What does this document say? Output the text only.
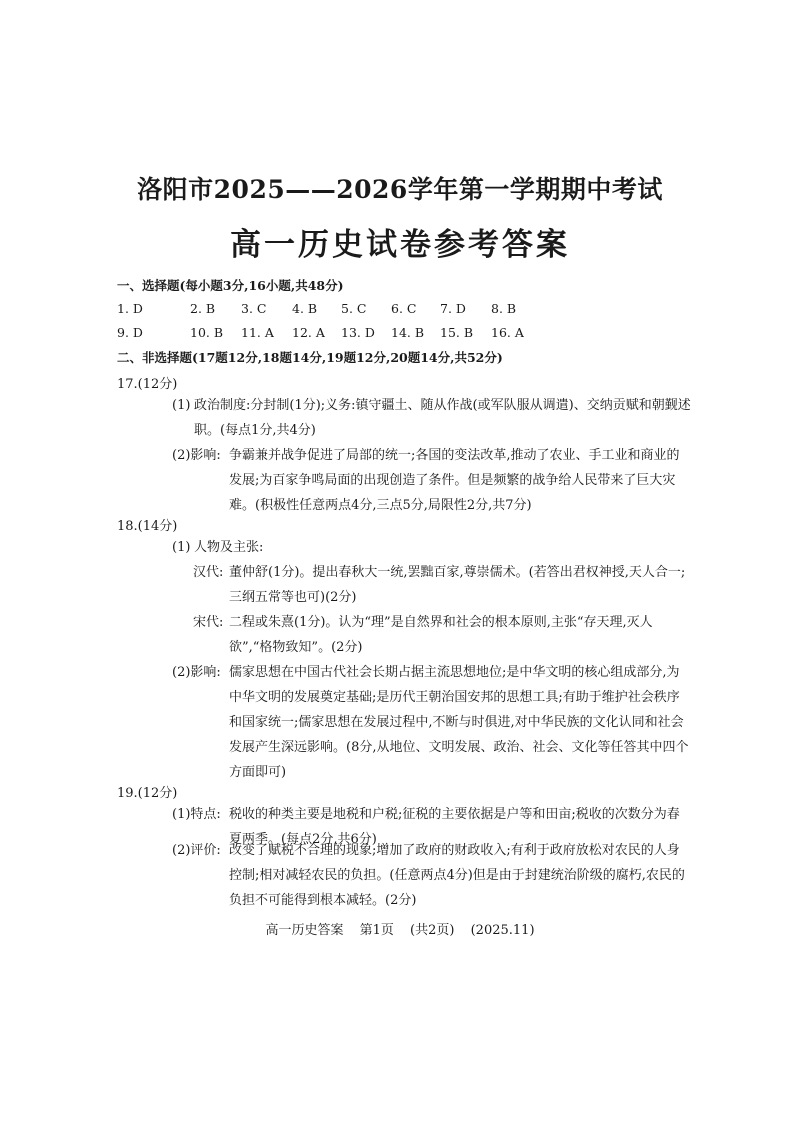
洛阳市2025——2026学年第一学期期中考试
高一历史试卷参考答案
一、选择题(每小题3分,16小题,共48分)
1. D	2. B 3. C 4. B 5. C 6. C 7. D 8. B
9. D	10. B 11. A 12. A 13. D 14. B 15. B 16. A
二、非选择题(17题12分,18题14分,19题12分,20题14分,共52分)
17.(12分)
(1) 政治制度:分封制(1分);义务:镇守疆土、随从作战(或军队服从调遣)、交纳贡赋和朝觐述职。(每点1分,共4分)
(2)影响: 争霸兼并战争促进了局部的统一;各国的变法改革,推动了农业、手工业和商业的发展;为百家争鸣局面的出现创造了条件。但是频繁的战争给人民带来了巨大灾难。(积极性任意两点4分,三点5分,局限性2分,共7分)
18.(14分)
(1) 人物及主张:
汉代: 董仲舒(1分)。提出春秋大一统,罢黜百家,尊崇儒术。(若答出君权神授,天人合一;三纲五常等也可)(2分)
宋代: 二程或朱熹(1分)。认为“理”是自然界和社会的根本原则,主张“存天理,灭人欲”,“格物致知”。(2分)
(2)影响: 儒家思想在中国古代社会长期占据主流思想地位;是中华文明的核心组成部分,为中华文明的发展奠定基础;是历代王朝治国安邦的思想工具;有助于维护社会秩序和国家统一;儒家思想在发展过程中,不断与时俱进,对中华民族的文化认同和社会发展产生深远影响。(8分,从地位、文明发展、政治、社会、文化等任答其中四个方面即可)
19.(12分)
(1)特点: 税收的种类主要是地税和户税;征税的主要依据是户等和田亩;税收的次数分为春夏两季。(每点2分,共6分)
(2)评价: 改变了赋税不合理的现象;增加了政府的财政收入;有利于政府放松对农民的人身控制;相对减轻农民的负担。(任意两点4分)但是由于封建统治阶级的腐朽,农民的负担不可能得到根本减轻。(2分)
高一历史答案 第1页 (共2页) (2025.11)
